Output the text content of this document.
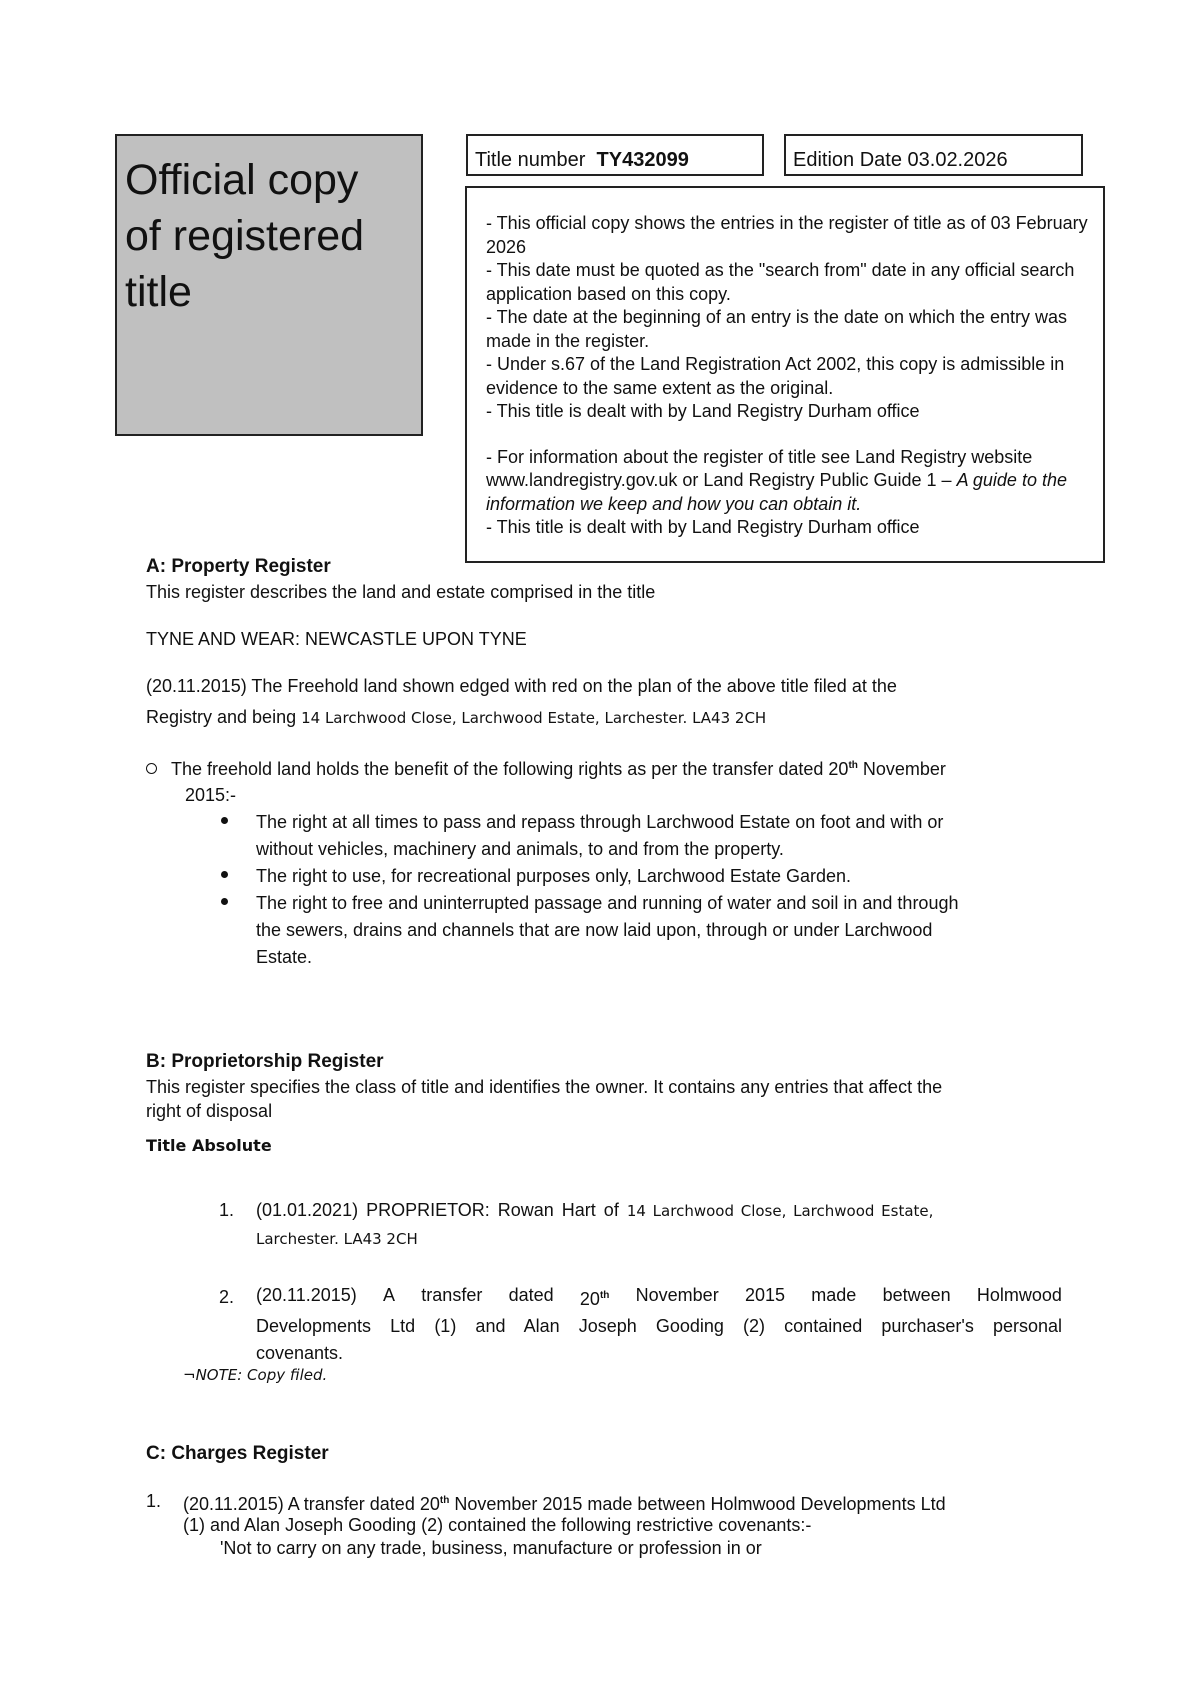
Official copy
of registered
title
Title number TY432099	Edition Date 03.02.2026

- This official copy shows the entries in the register of title as of 03 February 2026

- This date must be quoted as the "search from" date in any official search application based on this copy.

- The date at the beginning of an entry is the date on which the entry was made in the register.

- Under s.67 of the Land Registration Act 2002, this copy is admissible in evidence to the same extent as the original.

- This title is dealt with by Land Registry Durham office

- For information about the register of title see Land Registry website www.landregistry.gov.uk or Land Registry Public Guide 1 – A guide to the information we keep and how you can obtain it.

- This title is dealt with by Land Registry Durham office

A: Property Register
This register describes the land and estate comprised in the title
TYNE AND WEAR: NEWCASTLE UPON TYNE
(20.11.2015) The Freehold land shown edged with red on the plan of the above title filed at the
Registry and being 14 Larchwood Close, Larchwood Estate, Larchester. LA43 2CH
The freehold land holds the benefit of the following rights as per the transfer dated 20th November
2015:-
The right at all times to pass and repass through Larchwood Estate on foot and with or
without vehicles, machinery and animals, to and from the property.
The right to use, for recreational purposes only, Larchwood Estate Garden.
The right to free and uninterrupted passage and running of water and soil in and through
the sewers, drains and channels that are now laid upon, through or under Larchwood
Estate.
B: Proprietorship Register
This register specifies the class of title and identifies the owner. It contains any entries that affect the
right of disposal
Title Absolute
1. (01.01.2021) PROPRIETOR: Rowan Hart of 14 Larchwood Close, Larchwood Estate,
Larchester. LA43 2CH
2. (20.11.2015) A transfer dated 20th November 2015 made between Holmwood
Developments Ltd (1) and Alan Joseph Gooding (2) contained purchaser's personal
covenants.
¬NOTE: Copy filed.
C: Charges Register
1. (20.11.2015) A transfer dated 20th November 2015 made between Holmwood Developments Ltd
(1) and Alan Joseph Gooding (2) contained the following restrictive covenants:-
'Not to carry on any trade, business, manufacture or profession in or
